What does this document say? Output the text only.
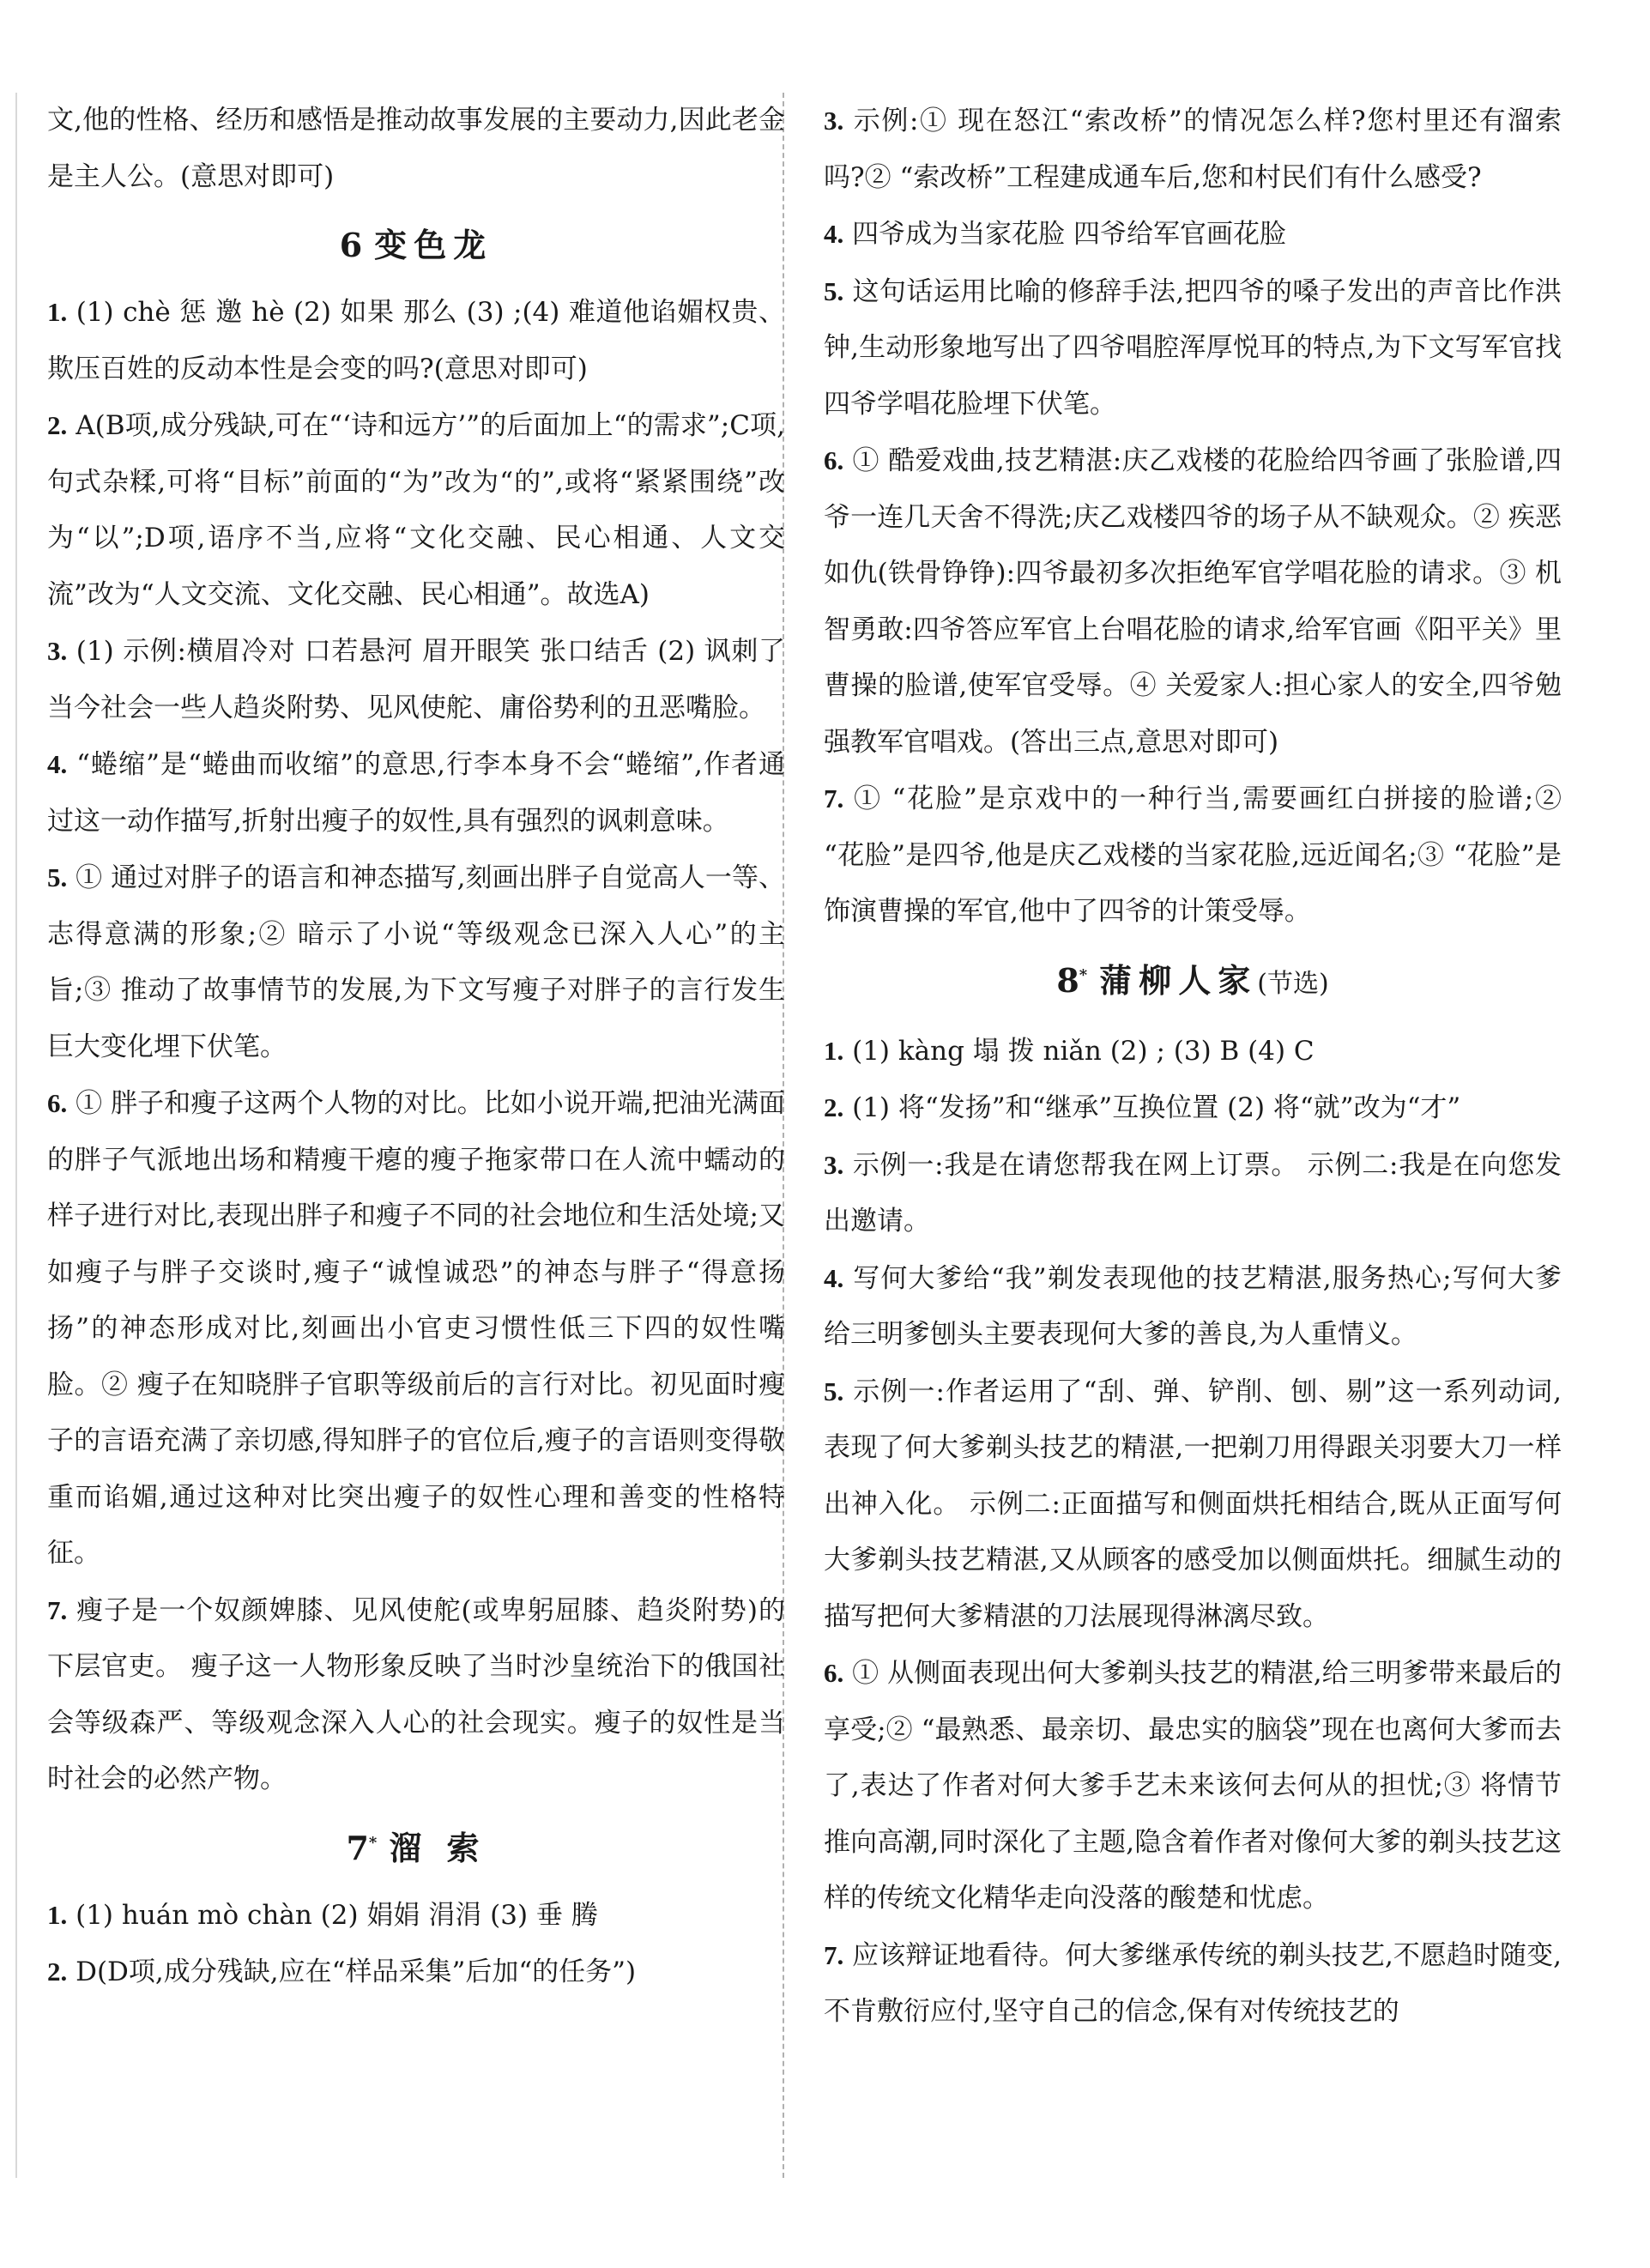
文,他的性格、经历和感悟是推动故事发展的主要动力,因此老金是主人公。(意思对即可)

6 变色龙

1. (1) chè 惩 邀 hè (2) 如果 那么 (3) ;(4) 难道他谄媚权贵、欺压百姓的反动本性是会变的吗?(意思对即可)

2. A(B项,成分残缺,可在“‘诗和远方’”的后面加上“的需求”;C项,句式杂糅,可将“目标”前面的“为”改为“的”,或将“紧紧围绕”改为“以”;D项,语序不当,应将“文化交融、民心相通、人文交流”改为“人文交流、文化交融、民心相通”。故选A)

3. (1) 示例:横眉冷对 口若悬河 眉开眼笑 张口结舌 (2) 讽刺了当今社会一些人趋炎附势、见风使舵、庸俗势利的丑恶嘴脸。

4. “蜷缩”是“蜷曲而收缩”的意思,行李本身不会“蜷缩”,作者通过这一动作描写,折射出瘦子的奴性,具有强烈的讽刺意味。

5. ① 通过对胖子的语言和神态描写,刻画出胖子自觉高人一等、志得意满的形象;② 暗示了小说“等级观念已深入人心”的主旨;③ 推动了故事情节的发展,为下文写瘦子对胖子的言行发生巨大变化埋下伏笔。

6. ① 胖子和瘦子这两个人物的对比。比如小说开端,把油光满面的胖子气派地出场和精瘦干瘪的瘦子拖家带口在人流中蠕动的样子进行对比,表现出胖子和瘦子不同的社会地位和生活处境;又如瘦子与胖子交谈时,瘦子“诚惶诚恐”的神态与胖子“得意扬扬”的神态形成对比,刻画出小官吏习惯性低三下四的奴性嘴脸。② 瘦子在知晓胖子官职等级前后的言行对比。初见面时瘦子的言语充满了亲切感,得知胖子的官位后,瘦子的言语则变得敬重而谄媚,通过这种对比突出瘦子的奴性心理和善变的性格特征。

7. 瘦子是一个奴颜婢膝、见风使舵(或卑躬屈膝、趋炎附势)的下层官吏。 瘦子这一人物形象反映了当时沙皇统治下的俄国社会等级森严、等级观念深入人心的社会现实。瘦子的奴性是当时社会的必然产物。

7* 溜 索

1. (1) huán mò chàn (2) 娟娟 涓涓 (3) 垂 腾

2. D(D项,成分残缺,应在“样品采集”后加“的任务”)

3. 示例:① 现在怒江“索改桥”的情况怎么样?您村里还有溜索吗?② “索改桥”工程建成通车后,您和村民们有什么感受?

4. 四爷成为当家花脸 四爷给军官画花脸

5. 这句话运用比喻的修辞手法,把四爷的嗓子发出的声音比作洪钟,生动形象地写出了四爷唱腔浑厚悦耳的特点,为下文写军官找四爷学唱花脸埋下伏笔。

6. ① 酷爱戏曲,技艺精湛:庆乙戏楼的花脸给四爷画了张脸谱,四爷一连几天舍不得洗;庆乙戏楼四爷的场子从不缺观众。② 疾恶如仇(铁骨铮铮):四爷最初多次拒绝军官学唱花脸的请求。③ 机智勇敢:四爷答应军官上台唱花脸的请求,给军官画《阳平关》里曹操的脸谱,使军官受辱。④ 关爱家人:担心家人的安全,四爷勉强教军官唱戏。(答出三点,意思对即可)

7. ① “花脸”是京戏中的一种行当,需要画红白拼接的脸谱;② “花脸”是四爷,他是庆乙戏楼的当家花脸,远近闻名;③ “花脸”是饰演曹操的军官,他中了四爷的计策受辱。

8* 蒲柳人家(节选)

1. (1) kàng 塌 拨 niǎn (2) ; (3) B (4) C

2. (1) 将“发扬”和“继承”互换位置 (2) 将“就”改为“才”

3. 示例一:我是在请您帮我在网上订票。 示例二:我是在向您发出邀请。

4. 写何大爹给“我”剃发表现他的技艺精湛,服务热心;写何大爹给三明爹刨头主要表现何大爹的善良,为人重情义。

5. 示例一:作者运用了“刮、弹、铲削、刨、剔”这一系列动词,表现了何大爹剃头技艺的精湛,一把剃刀用得跟关羽要大刀一样出神入化。 示例二:正面描写和侧面烘托相结合,既从正面写何大爹剃头技艺精湛,又从顾客的感受加以侧面烘托。细腻生动的描写把何大爹精湛的刀法展现得淋漓尽致。

6. ① 从侧面表现出何大爹剃头技艺的精湛,给三明爹带来最后的享受;② “最熟悉、最亲切、最忠实的脑袋”现在也离何大爹而去了,表达了作者对何大爹手艺未来该何去何从的担忧;③ 将情节推向高潮,同时深化了主题,隐含着作者对像何大爹的剃头技艺这样的传统文化精华走向没落的酸楚和忧虑。

7. 应该辩证地看待。何大爹继承传统的剃头技艺,不愿趋时随变,不肯敷衍应付,坚守自己的信念,保有对传统技艺的
